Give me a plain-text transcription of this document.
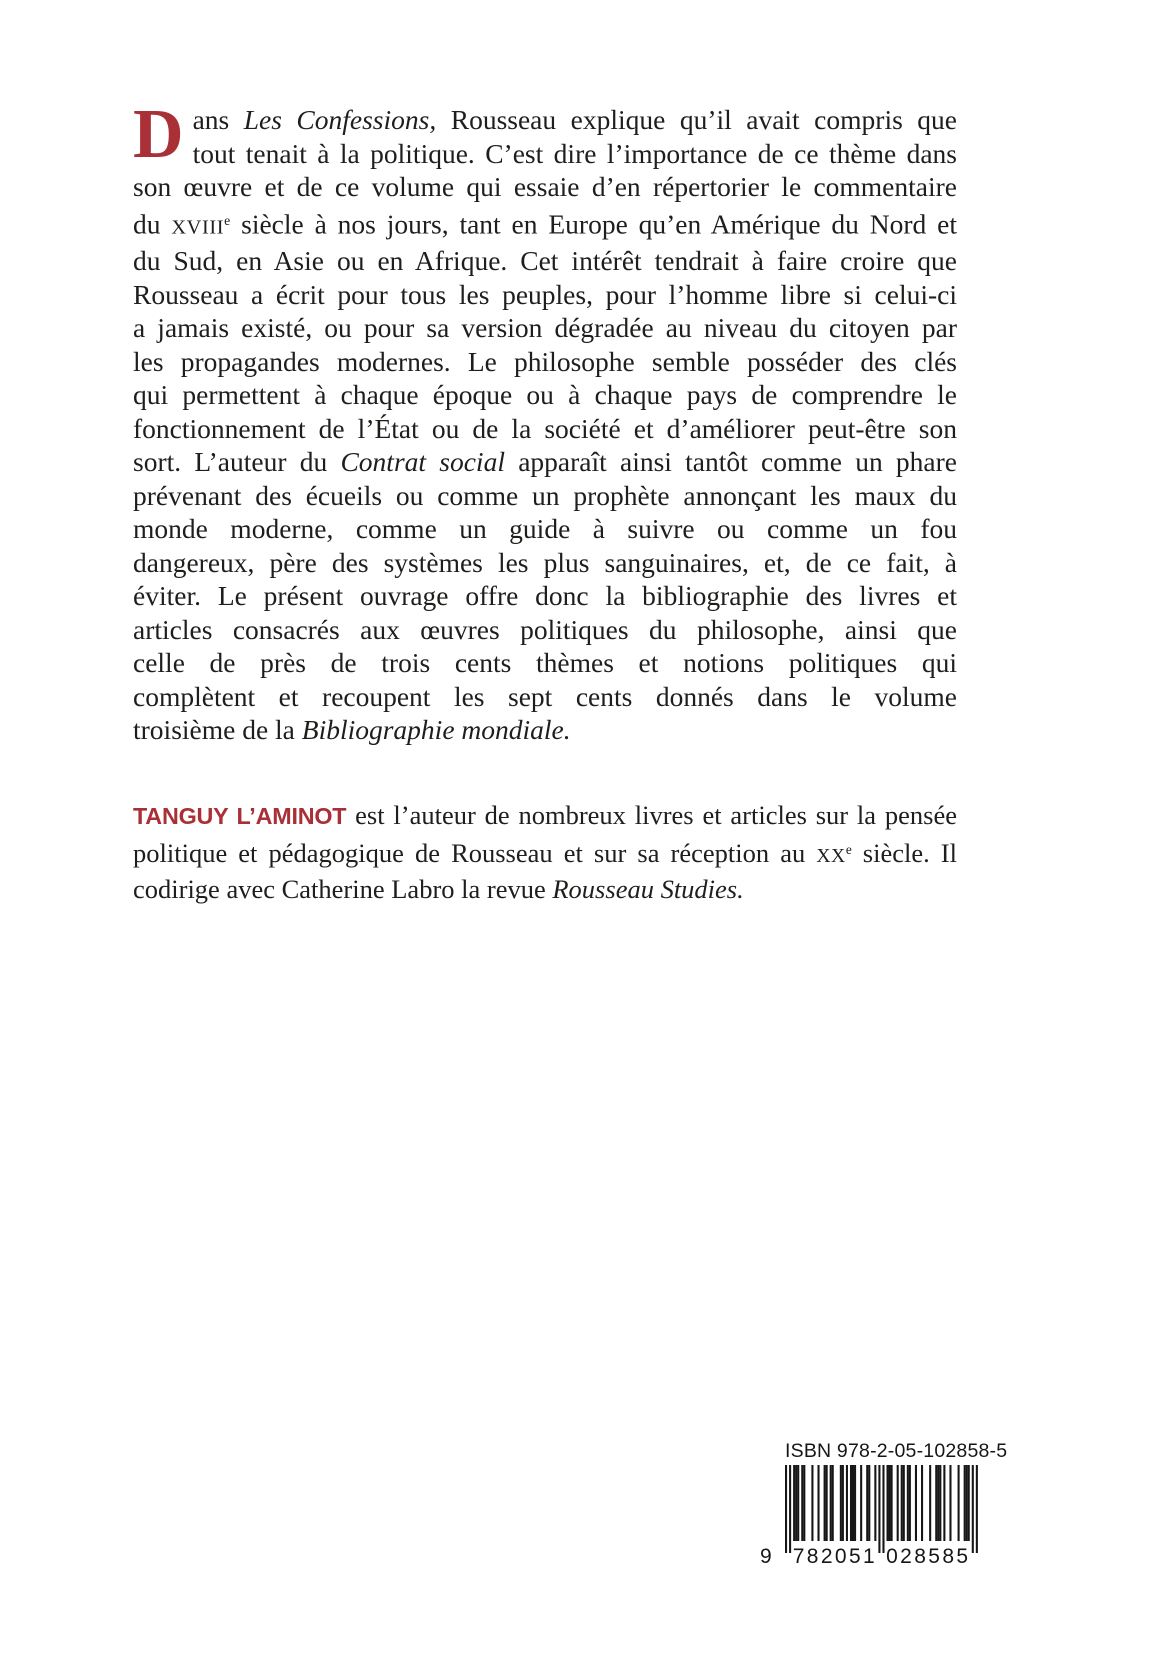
D ans Les Confessions, Rousseau explique qu’il avait compris que
tout tenait à la politique. C’est dire l’importance de ce thème dans
son œuvre et de ce volume qui essaie d’en répertorier le commentaire
du XVIIIe siècle à nos jours, tant en Europe qu’en Amérique du Nord et
du Sud, en Asie ou en Afrique. Cet intérêt tendrait à faire croire que
Rousseau a écrit pour tous les peuples, pour l’homme libre si celui-ci
a jamais existé, ou pour sa version dégradée au niveau du citoyen par
les propagandes modernes. Le philosophe semble posséder des clés
qui permettent à chaque époque ou à chaque pays de comprendre le
fonctionnement de l’État ou de la société et d’améliorer peut-être son
sort. L’auteur du Contrat social apparaît ainsi tantôt comme un phare
prévenant des écueils ou comme un prophète annonçant les maux du
monde moderne, comme un guide à suivre ou comme un fou
dangereux, père des systèmes les plus sanguinaires, et, de ce fait, à
éviter. Le présent ouvrage offre donc la bibliographie des livres et
articles consacrés aux œuvres politiques du philosophe, ainsi que
celle de près de trois cents thèmes et notions politiques qui
complètent et recoupent les sept cents donnés dans le volume
troisième de la Bibliographie mondiale.
TANGUY L’AMINOT est l’auteur de nombreux livres et articles sur la pensée
politique et pédagogique de Rousseau et sur sa réception au XXe siècle. Il
codirige avec Catherine Labro la revue Rousseau Studies.
ISBN 978-2-05-102858-5
9 782051 028585
